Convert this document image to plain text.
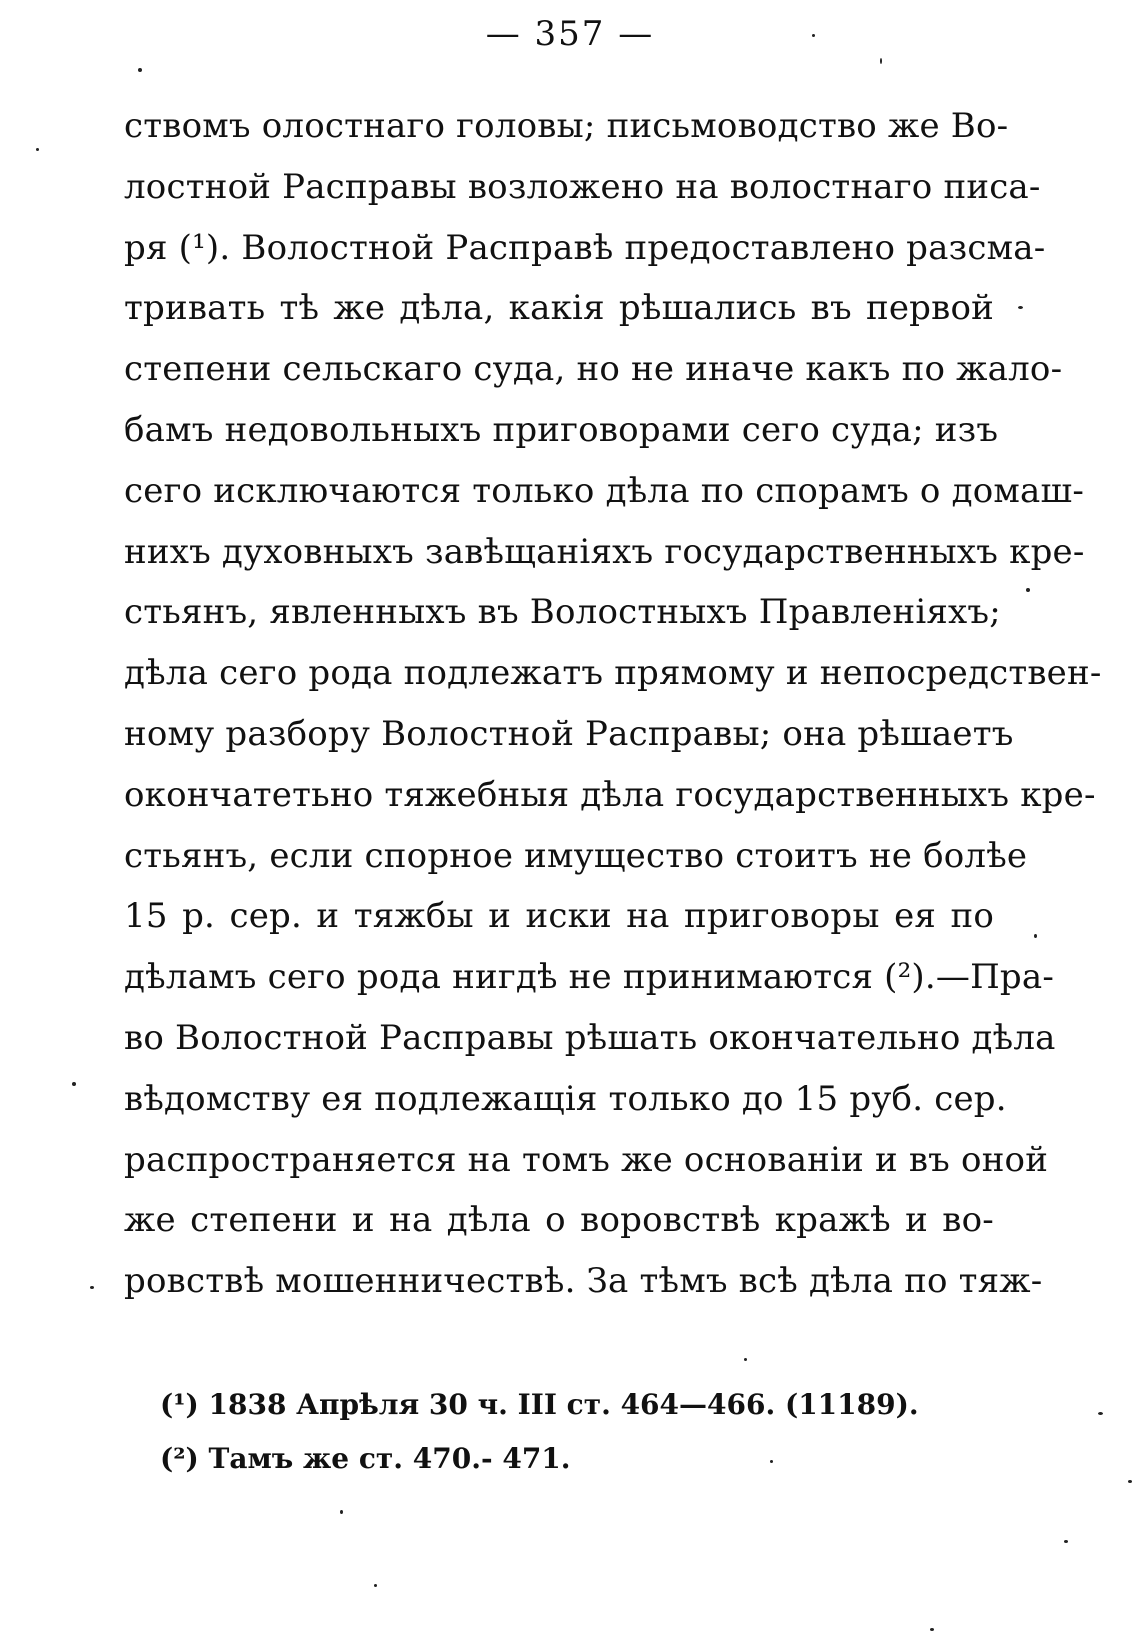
— 357 —
ствомъ олостнаго головы; письмоводство же Во-
лостной Расправы возложено на волостнаго писа-
ря (¹). Волостной Расправѣ предоставлено разсма-
тривать тѣ же дѣла, какія рѣшались въ первой
степени сельскаго суда, но не иначе какъ по жало-
бамъ недовольныхъ приговорами сего суда; изъ
сего исключаются только дѣла по спорамъ о домаш-
нихъ духовныхъ завѣщаніяхъ государственныхъ кре-
стьянъ, явленныхъ въ Волостныхъ Правленіяхъ;
дѣла сего рода подлежатъ прямому и непосредствен-
ному разбору Волостной Расправы; она рѣшаетъ
окончатетьно тяжебныя дѣла государственныхъ кре-
стьянъ, если спорное имущество стоитъ не болѣе
15 р. сер. и тяжбы и иски на приговоры ея по
дѣламъ сего рода нигдѣ не принимаются (²).—Пра-
во Волостной Расправы рѣшать окончательно дѣла
вѣдомству ея подлежащія только до 15 руб. сер.
распространяется на томъ же основаніи и въ оной
же степени и на дѣла о воровствѣ кражѣ и во-
ровствѣ мошенничествѣ. За тѣмъ всѣ дѣла по тяж-
(¹) 1838 Апрѣля 30 ч. III ст. 464—466. (11189).
(²) Тамъ же ст. 470.- 471.
